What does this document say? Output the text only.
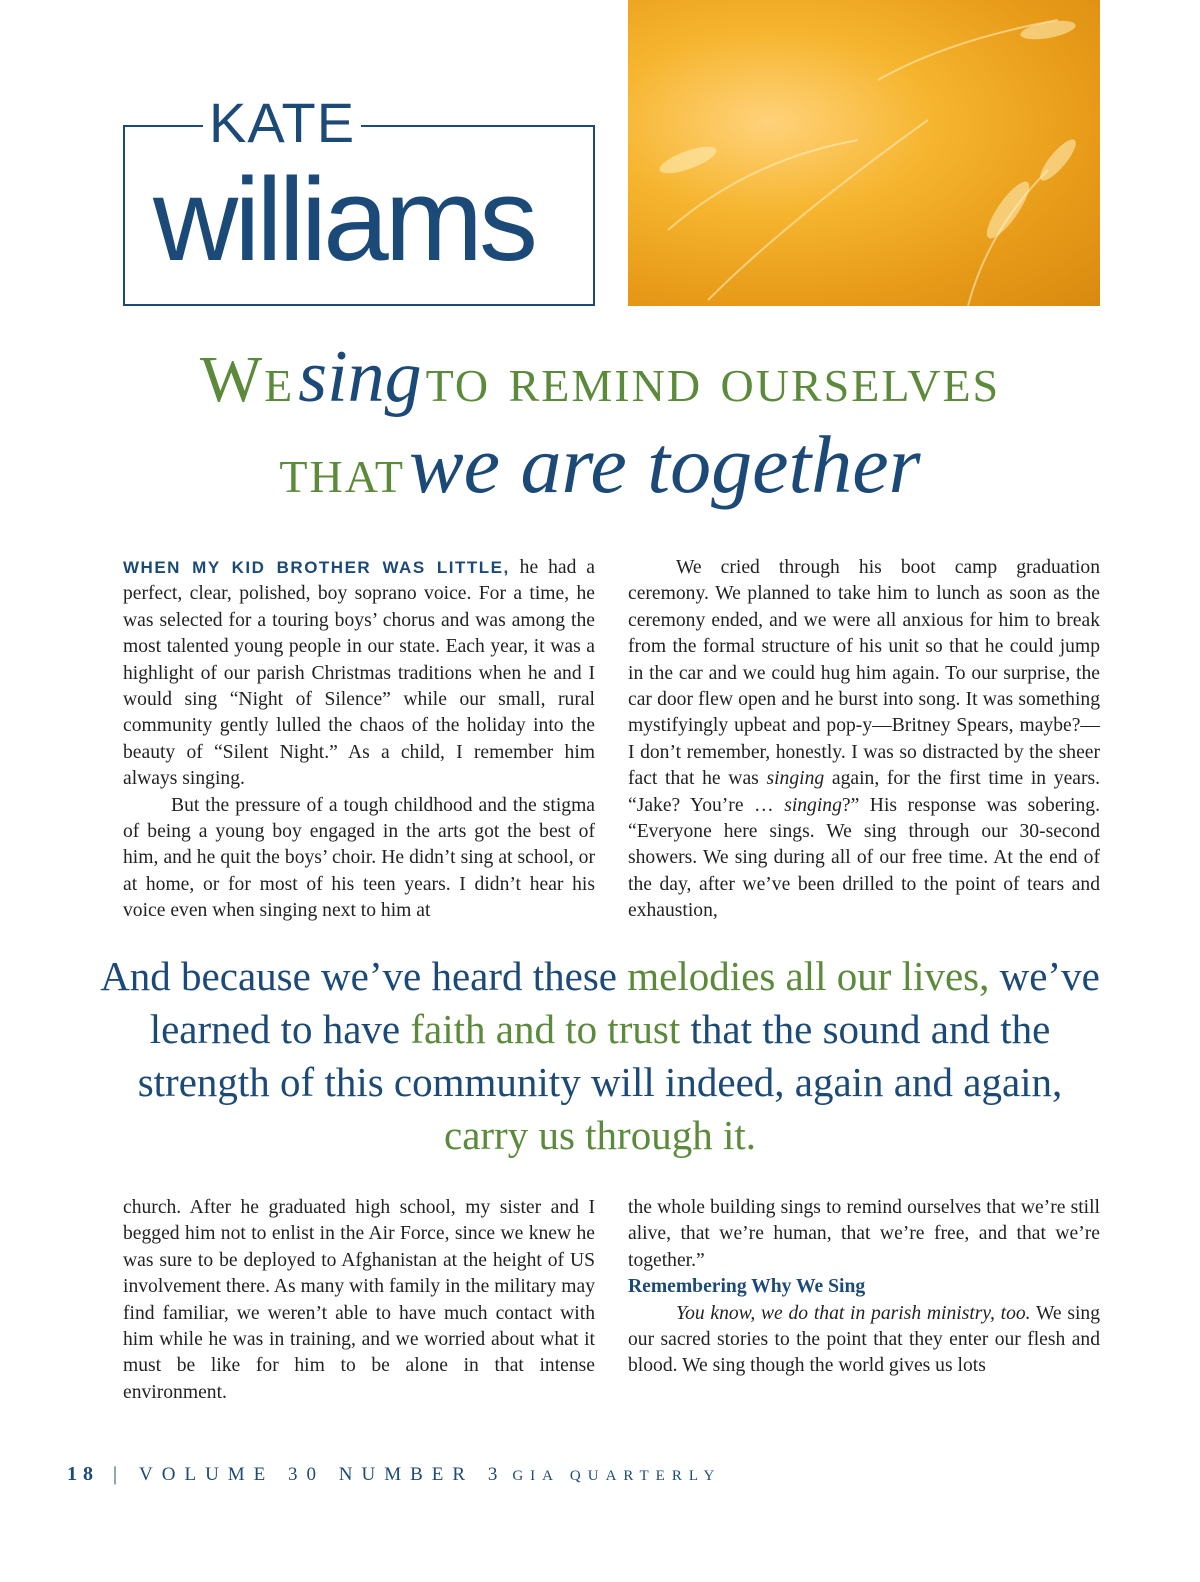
KATE
williams
We sing to remind ourselves
that we are together

WHEN MY KID BROTHER WAS LITTLE, he had a perfect, clear, polished, boy soprano voice. For a time, he was selected for a touring boys’ chorus and was among the most talented young people in our state. Each year, it was a highlight of our parish Christmas traditions when he and I would sing “Night of Silence” while our small, rural community gently lulled the chaos of the holiday into the beauty of “Silent Night.” As a child, I remember him always singing.

But the pressure of a tough childhood and the stigma of being a young boy engaged in the arts got the best of him, and he quit the boys’ choir. He didn’t sing at school, or at home, or for most of his teen years. I didn’t hear his voice even when singing next to him at

We cried through his boot camp graduation ceremony. We planned to take him to lunch as soon as the ceremony ended, and we were all anxious for him to break from the formal structure of his unit so that he could jump in the car and we could hug him again. To our surprise, the car door flew open and he burst into song. It was something mystifyingly upbeat and pop-y—Britney Spears, maybe?—I don’t remember, honestly. I was so distracted by the sheer fact that he was singing again, for the first time in years. “Jake? You’re … singing?” His response was sobering. “Everyone here sings. We sing through our 30-second showers. We sing during all of our free time. At the end of the day, after we’ve been drilled to the point of tears and exhaustion,

And because we’ve heard these melodies all our lives, we’ve learned to have faith and to trust that the sound and the strength of this community will indeed, again and again, carry us through it.

church. After he graduated high school, my sister and I begged him not to enlist in the Air Force, since we knew he was sure to be deployed to Afghanistan at the height of US involvement there. As many with family in the military may find familiar, we weren’t able to have much contact with him while he was in training, and we worried about what it must be like for him to be alone in that intense environment.

the whole building sings to remind ourselves that we’re still alive, that we’re human, that we’re free, and that we’re together.”

Remembering Why We Sing

You know, we do that in parish ministry, too. We sing our sacred stories to the point that they enter our flesh and blood. We sing though the world gives us lots

18 | VOLUME 30 NUMBER 3 GIA QUARTERLY
